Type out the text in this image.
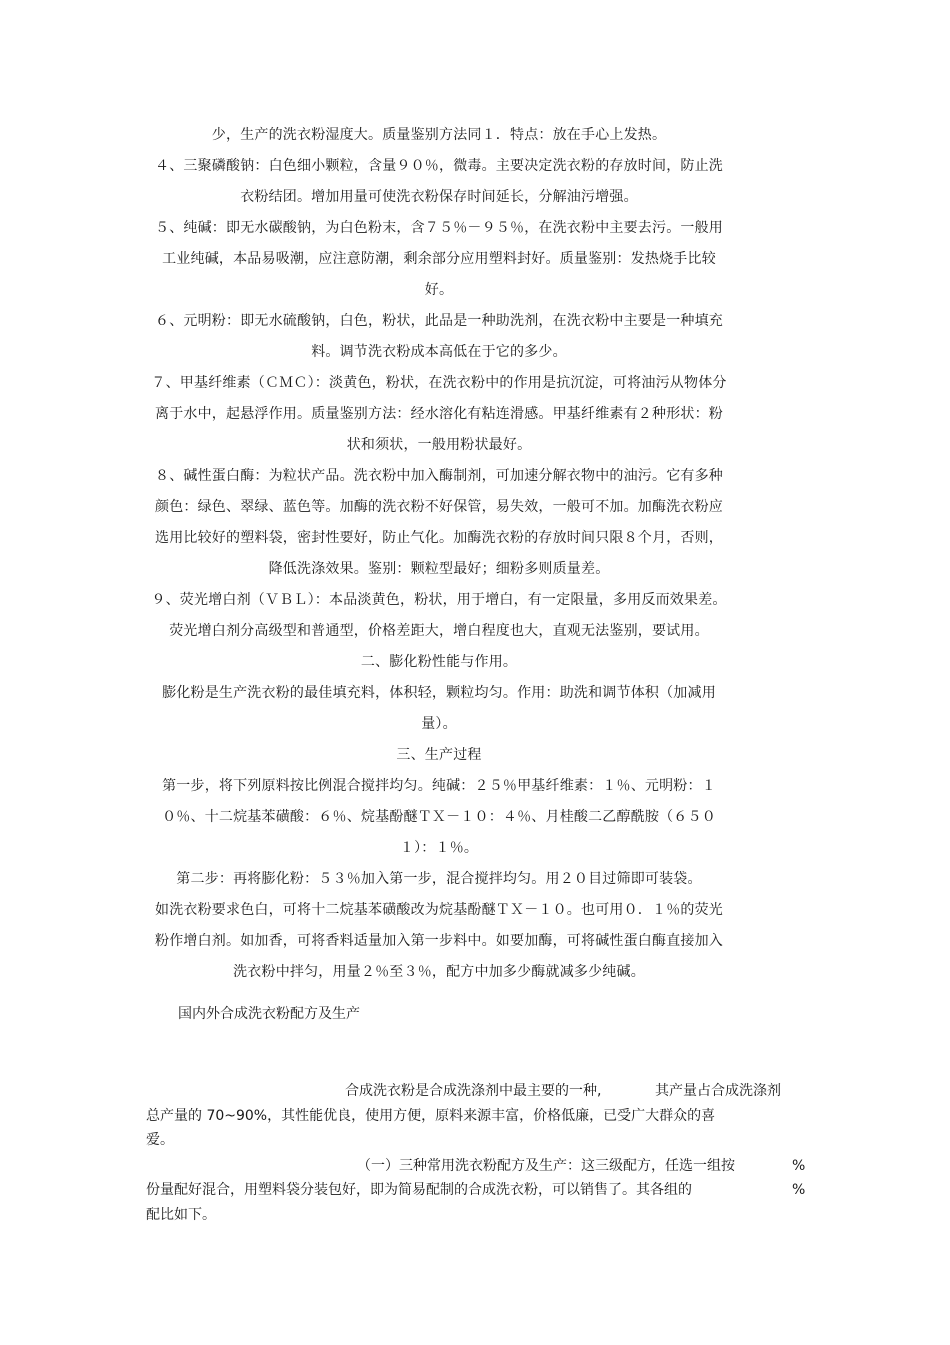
少，生产的洗衣粉湿度大。质量鉴别方法同１．特点：放在手心上发热。
４、三聚磷酸钠：白色细小颗粒，含量９０％，微毒。主要决定洗衣粉的存放时间，防止洗衣粉结团。增加用量可使洗衣粉保存时间延长，分解油污增强。
５、纯碱：即无水碳酸钠，为白色粉末，含７５％－９５％，在洗衣粉中主要去污。一般用工业纯碱，本品易吸潮，应注意防潮，剩余部分应用塑料封好。质量鉴别：发热烧手比较好。
６、元明粉：即无水硫酸钠，白色，粉状，此品是一种助洗剂，在洗衣粉中主要是一种填充料。调节洗衣粉成本高低在于它的多少。
７、甲基纤维素（ＣＭＣ）：淡黄色，粉状，在洗衣粉中的作用是抗沉淀，可将油污从物体分离于水中，起悬浮作用。质量鉴别方法：经水溶化有粘连滑感。甲基纤维素有２种形状：粉状和须状，一般用粉状最好。
８、碱性蛋白酶：为粒状产品。洗衣粉中加入酶制剂，可加速分解衣物中的油污。它有多种颜色：绿色、翠绿、蓝色等。加酶的洗衣粉不好保管，易失效，一般可不加。加酶洗衣粉应选用比较好的塑料袋，密封性要好，防止气化。加酶洗衣粉的存放时间只限８个月，否则，降低洗涤效果。鉴别：颗粒型最好；细粉多则质量差。
９、荧光增白剂（ＶＢＬ）：本品淡黄色，粉状，用于增白，有一定限量，多用反而效果差。荧光增白剂分高级型和普通型，价格差距大，增白程度也大，直观无法鉴别，要试用。
二、膨化粉性能与作用。
膨化粉是生产洗衣粉的最佳填充料，体积轻，颗粒均匀。作用：助洗和调节体积（加减用量）。
三、生产过程
第一步，将下列原料按比例混合搅拌均匀。纯碱：２５％甲基纤维素：１％、元明粉：１０％、十二烷基苯磺酸：６％、烷基酚醚ＴＸ－１０：４％、月桂酸二乙醇酰胺（６５０１）：１％。
第二步：再将膨化粉：５３％加入第一步，混合搅拌均匀。用２０目过筛即可装袋。
如洗衣粉要求色白，可将十二烷基苯磺酸改为烷基酚醚ＴＸ－１０。也可用０．１％的荧光粉作增白剂。如加香，可将香料适量加入第一步料中。如要加酶，可将碱性蛋白酶直接加入洗衣粉中拌匀，用量２％至３％，配方中加多少酶就减多少纯碱。
国内外合成洗衣粉配方及生产
合成洗衣粉是合成洗涤剂中最主要的一种,	其产量占合成洗涤剂
总产量的 70~90%，其性能优良，使用方便，原料来源丰富，价格低廉，已受广大群众的喜
爱。
（一）三种常用洗衣粉配方及生产：这三级配方，任选一组按	%
份量配好混合，用塑料袋分装包好，即为简易配制的合成洗衣粉，可以销售了。其各组的	%
配比如下。
